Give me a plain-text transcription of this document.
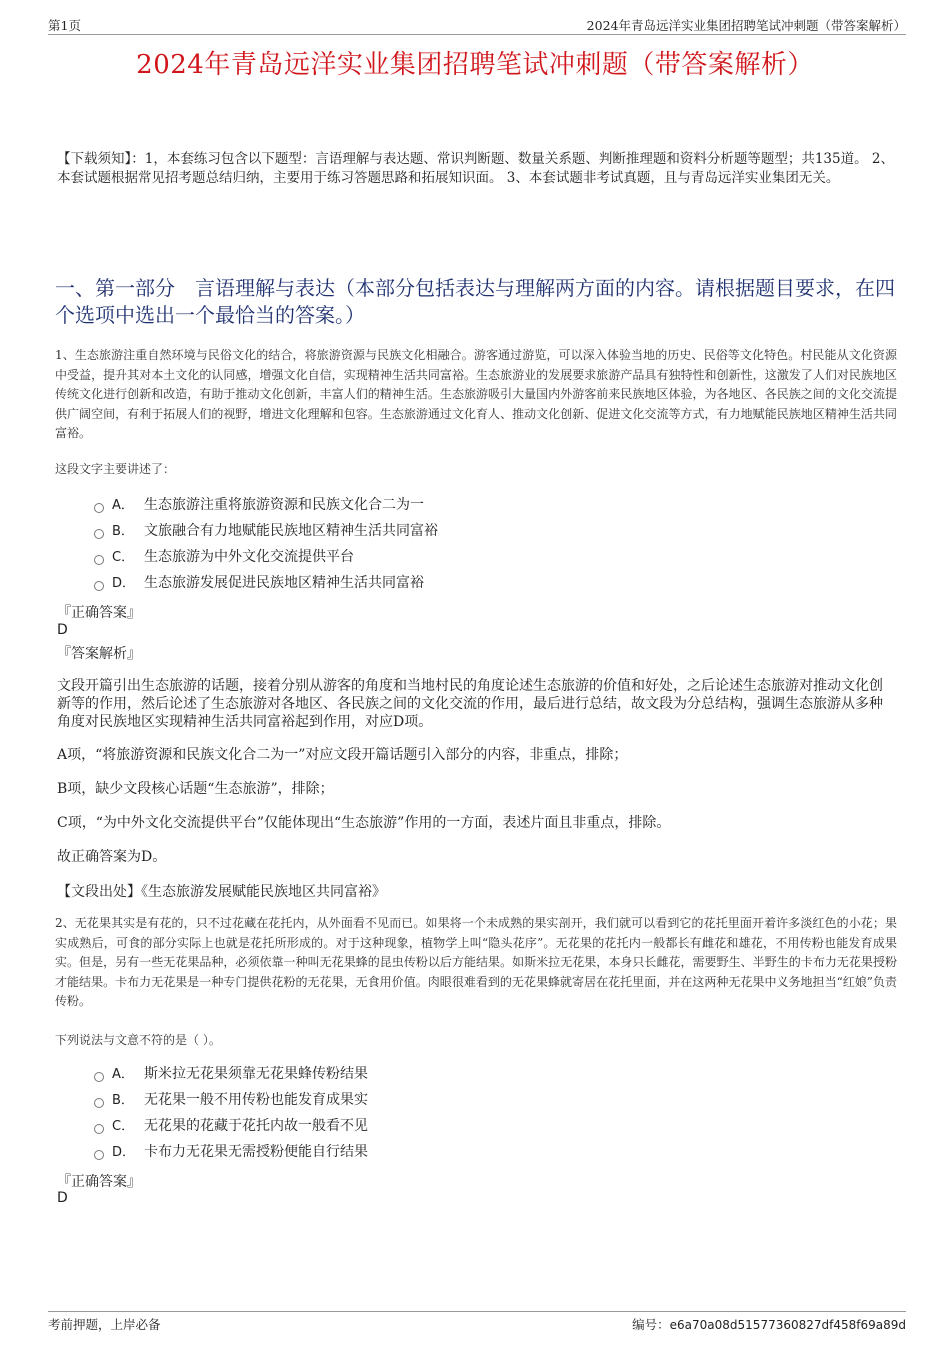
第1页	2024年青岛远洋实业集团招聘笔试冲刺题（带答案解析）
2024年青岛远洋实业集团招聘笔试冲刺题（带答案解析）
【下载须知】：1，本套练习包含以下题型：言语理解与表达题、常识判断题、数量关系题、判断推理题和资料分析题等题型；共135道。 2、本套试题根据常见招考题总结归纳，主要用于练习答题思路和拓展知识面。 3、本套试题非考试真题，且与青岛远洋实业集团无关。
一、第一部分　言语理解与表达（本部分包括表达与理解两方面的内容。请根据题目要求，在四个选项中选出一个最恰当的答案。）
1、生态旅游注重自然环境与民俗文化的结合，将旅游资源与民族文化相融合。游客通过游览，可以深入体验当地的历史、民俗等文化特色。村民能从文化资源中受益，提升其对本土文化的认同感，增强文化自信，实现精神生活共同富裕。生态旅游业的发展要求旅游产品具有独特性和创新性，这激发了人们对民族地区传统文化进行创新和改造，有助于推动文化创新，丰富人们的精神生活。生态旅游吸引大量国内外游客前来民族地区体验，为各地区、各民族之间的文化交流提供广阔空间，有利于拓展人们的视野，增进文化理解和包容。生态旅游通过文化育人、推动文化创新、促进文化交流等方式，有力地赋能民族地区精神生活共同富裕。
这段文字主要讲述了：
A． 生态旅游注重将旅游资源和民族文化合二为一
B． 文旅融合有力地赋能民族地区精神生活共同富裕
C． 生态旅游为中外文化交流提供平台
D． 生态旅游发展促进民族地区精神生活共同富裕
『正确答案』
D
『答案解析』
文段开篇引出生态旅游的话题，接着分别从游客的角度和当地村民的角度论述生态旅游的价值和好处，之后论述生态旅游对推动文化创新等的作用，然后论述了生态旅游对各地区、各民族之间的文化交流的作用，最后进行总结，故文段为分总结构，强调生态旅游从多种角度对民族地区实现精神生活共同富裕起到作用，对应D项。
A项，“将旅游资源和民族文化合二为一”对应文段开篇话题引入部分的内容，非重点，排除；
B项，缺少文段核心话题“生态旅游”，排除；
C项，“为中外文化交流提供平台”仅能体现出“生态旅游”作用的一方面，表述片面且非重点，排除。
故正确答案为D。
【文段出处】《生态旅游发展赋能民族地区共同富裕》
2、无花果其实是有花的，只不过花藏在花托内，从外面看不见而已。如果将一个未成熟的果实剖开，我们就可以看到它的花托里面开着许多淡红色的小花；果实成熟后，可食的部分实际上也就是花托所形成的。对于这种现象，植物学上叫“隐头花序”。无花果的花托内一般都长有雌花和雄花，不用传粉也能发育成果实。但是，另有一些无花果品种，必须依靠一种叫无花果蜂的昆虫传粉以后方能结果。如斯米拉无花果，本身只长雌花，需要野生、半野生的卡布力无花果授粉才能结果。卡布力无花果是一种专门提供花粉的无花果，无食用价值。肉眼很难看到的无花果蜂就寄居在花托里面，并在这两种无花果中义务地担当“红娘”负责传粉。
下列说法与文意不符的是（ ）。
A． 斯米拉无花果须靠无花果蜂传粉结果
B． 无花果一般不用传粉也能发育成果实
C． 无花果的花藏于花托内故一般看不见
D． 卡布力无花果无需授粉便能自行结果
『正确答案』
D
考前押题，上岸必备	编号：e6a70a08d51577360827df458f69a89d
